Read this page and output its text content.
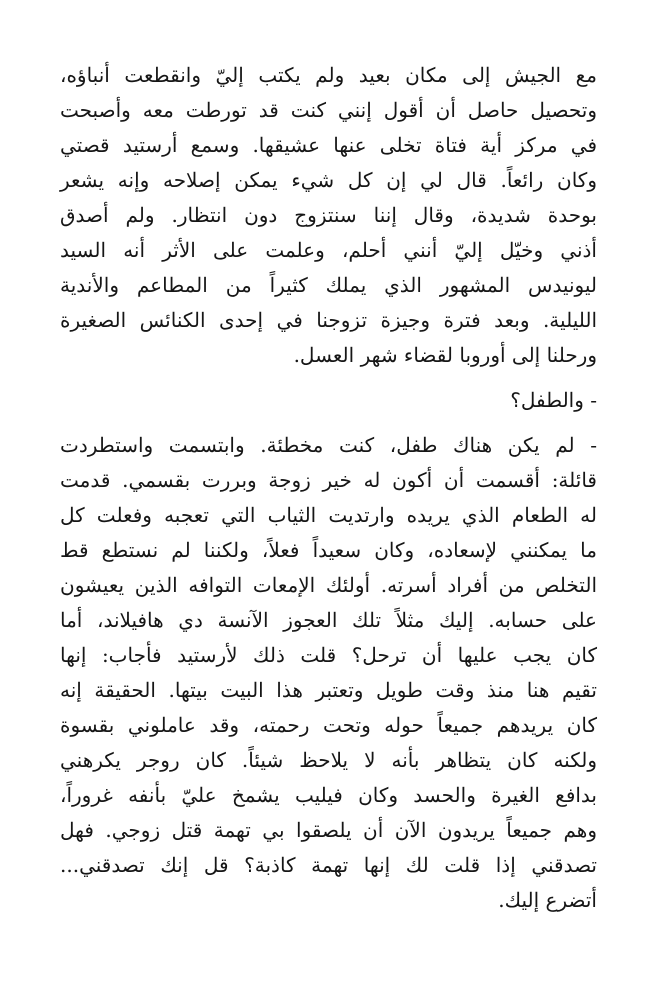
مع الجيش إلى مكان بعيد ولم يكتب إليّ وانقطعت أنباؤه،
وتحصيل حاصل أن أقول إنني كنت قد تورطت معه وأصبحت
في مركز أية فتاة تخلى عنها عشيقها. وسمع أرستيد قصتي
وكان رائعاً. قال لي إن كل شيء يمكن إصلاحه وإنه يشعر
بوحدة شديدة، وقال إننا سنتزوج دون انتظار. ولم أصدق
أذني وخيّل إليّ أنني أحلم، وعلمت على الأثر أنه السيد
ليونيدس المشهور الذي يملك كثيراً من المطاعم والأندية
الليلية. وبعد فترة وجيزة تزوجنا في إحدى الكنائس الصغيرة
ورحلنا إلى أوروبا لقضاء شهر العسل.
- والطفل؟
- لم يكن هناك طفل، كنت مخطئة. وابتسمت واستطردت
قائلة: أقسمت أن أكون له خير زوجة وبررت بقسمي. قدمت
له الطعام الذي يريده وارتديت الثياب التي تعجبه وفعلت كل
ما يمكنني لإسعاده، وكان سعيداً فعلاً، ولكننا لم نستطع قط
التخلص من أفراد أسرته. أولئك الإمعات التوافه الذين يعيشون
على حسابه. إليك مثلاً تلك العجوز الآنسة دي هافيلاند، أما
كان يجب عليها أن ترحل؟ قلت ذلك لأرستيد فأجاب: إنها
تقيم هنا منذ وقت طويل وتعتبر هذا البيت بيتها. الحقيقة إنه
كان يريدهم جميعاً حوله وتحت رحمته، وقد عاملوني بقسوة
ولكنه كان يتظاهر بأنه لا يلاحظ شيئاً. كان روجر يكرهني
بدافع الغيرة والحسد وكان فيليب يشمخ عليّ بأنفه غروراً،
وهم جميعاً يريدون الآن أن يلصقوا بي تهمة قتل زوجي. فهل
تصدقني إذا قلت لك إنها تهمة كاذبة؟ قل إنك تصدقني...
أتضرع إليك.
